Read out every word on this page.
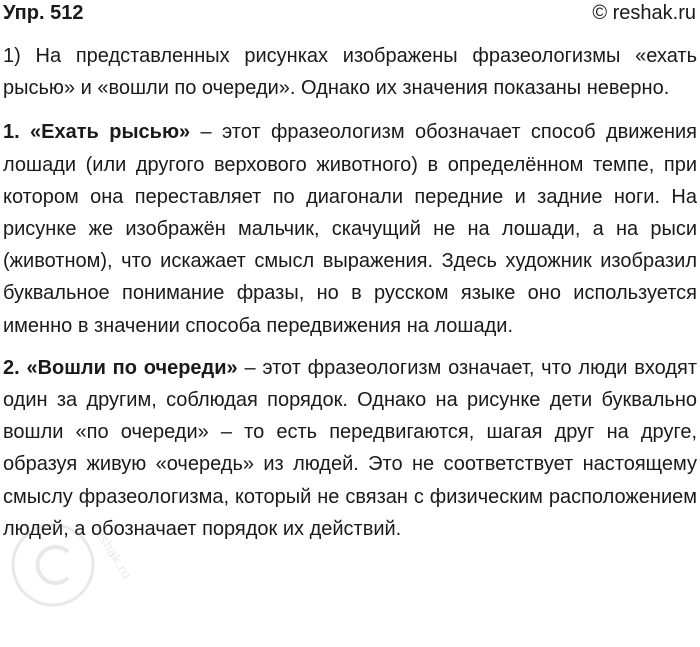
Упр. 512	© reshak.ru

1) На представленных рисунках изображены фразеологизмы «ехать рысью» и «вошли по очереди». Однако их значения показаны неверно.

1. «Ехать рысью» – этот фразеологизм обозначает способ движения лошади (или другого верхового животного) в определённом темпе, при котором она переставляет по диагонали передние и задние ноги. На рисунке же изображён мальчик, скачущий не на лошади, а на рыси (животном), что искажает смысл выражения. Здесь художник изобразил буквальное понимание фразы, но в русском языке оно используется именно в значении способа передвижения на лошади.

2. «Вошли по очереди» – этот фразеологизм означает, что люди входят один за другим, соблюдая порядок. Однако на рисунке дети буквально вошли «по очереди» – то есть передвигаются, шагая друг на друге, образуя живую «очередь» из людей. Это не соответствует настоящему смыслу фразеологизма, который не связан с физическим расположением людей, а обозначает порядок их действий.

reshak.ru
